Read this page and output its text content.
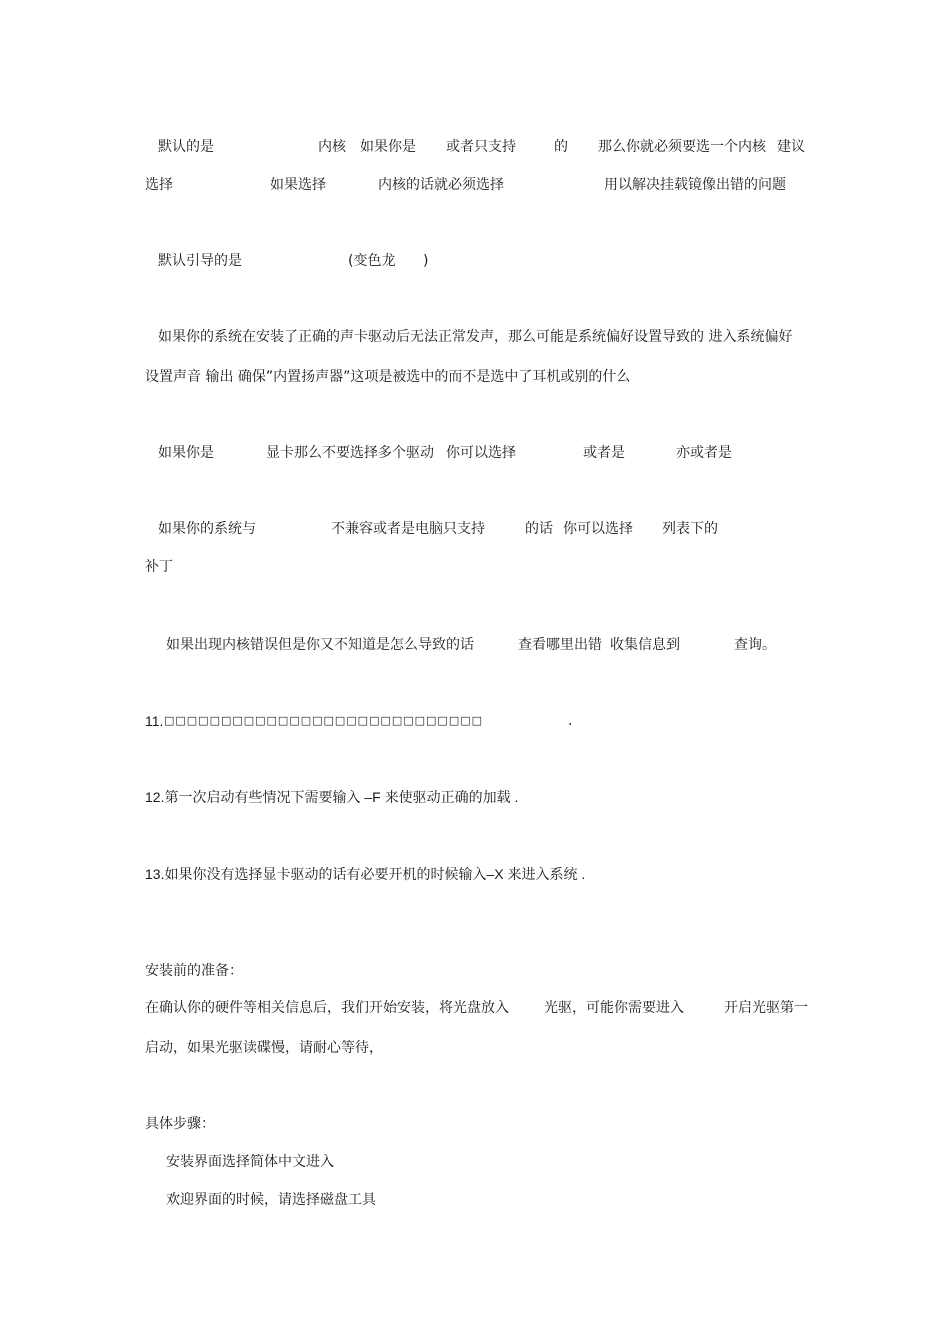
默认的是	内核 如果你是 或者只支持	的 那么你就必须要选一个内核 建议
选择	如果选择	内核的话就必须选择	用以解决挂载镜像出错的问题
默认引导的是	(变色龙 )
如果你的系统在安装了正确的声卡驱动后无法正常发声，那么可能是系统偏好设置导致的 进入系统偏好
设置声音 输出 确保”内置扬声器”这项是被选中的而不是选中了耳机或别的什么
如果你是	显卡那么不要选择多个驱动 你可以选择	或者是	亦或者是
如果你的系统与	不兼容或者是电脑只支持	的话 你可以选择 列表下的
补丁
如果出现内核错误但是你又不知道是怎么导致的话	查看哪里出错 收集信息到	查询。
11. □□□□□□□□□□□□□□□□□□□□□□□□□□□□	.
12.第一次启动有些情况下需要输入 –F 来使驱动正确的加载 .
13.如果你没有选择显卡驱动的话有必要开机的时候输入–X 来进入系统 .
安装前的准备：
在确认你的硬件等相关信息后，我们开始安装，将光盘放入	光驱，可能你需要进入	开启光驱第一
启动，如果光驱读碟慢，请耐心等待，
具体步骤：
安装界面选择简体中文进入
欢迎界面的时候，请选择磁盘工具
